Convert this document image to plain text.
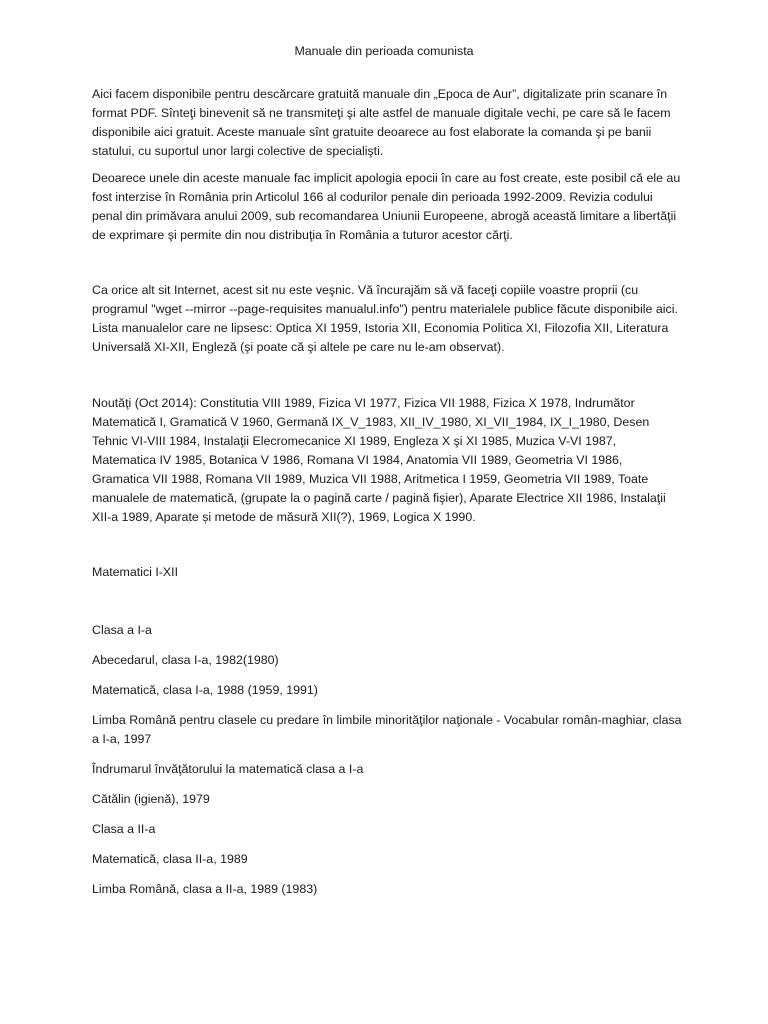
Manuale din perioada comunista

Aici facem disponibile pentru descărcare gratuită manuale din „Epoca de Aur”, digitalizate prin scanare în format PDF. Sînteţi binevenit să ne transmiteţi şi alte astfel de manuale digitale vechi, pe care să le facem disponibile aici gratuit. Aceste manuale sînt gratuite deoarece au fost elaborate la comanda şi pe banii statului, cu suportul unor largi colective de specialişti.

Deoarece unele din aceste manuale fac implicit apologia epocii în care au fost create, este posibil că ele au fost interzise în România prin Articolul 166 al codurilor penale din perioada 1992-2009. Revizia codului penal din primăvara anului 2009, sub recomandarea Uniunii Europeene, abrogă această limitare a libertăţii de exprimare şi permite din nou distribuţia în România a tuturor acestor cărţi.

Ca orice alt sit Internet, acest sit nu este veşnic. Vă încurajăm să vă faceţi copiile voastre proprii (cu programul "wget --mirror --page-requisites manualul.info") pentru materialele publice făcute disponibile aici. Lista manualelor care ne lipsesc: Optica XI 1959, Istoria XII, Economia Politica XI, Filozofia XII, Literatura Universală XI-XII, Engleză (şi poate că şi altele pe care nu le-am observat).

Noutăţi (Oct 2014): Constitutia VIII 1989, Fizica VI 1977, Fizica VII 1988, Fizica X 1978, Indrumător Matematică I, Gramatică V 1960, Germană IX_V_1983, XII_IV_1980, XI_VII_1984, IX_I_1980, Desen Tehnic VI-VIII 1984, Instalaţii Elecromecanice XI 1989, Engleza X şi XI 1985, Muzica V-VI 1987, Matematica IV 1985, Botanica V 1986, Romana VI 1984, Anatomia VII 1989, Geometria VI 1986, Gramatica VII 1988, Romana VII 1989, Muzica VII 1988, Aritmetica I 1959, Geometria VII 1989, Toate manualele de matematică, (grupate la o pagină carte / pagină fişier), Aparate Electrice XII 1986, Instalaţii XII-a 1989, Aparate și metode de măsură XII(?), 1969, Logica X 1990.

Matematici I-XII

Clasa a I-a
Abecedarul, clasa I-a, 1982(1980)
Matematică, clasa I-a, 1988 (1959, 1991)
Limba Română pentru clasele cu predare în limbile minorităţilor naţionale - Vocabular român-maghiar, clasa a I-a, 1997
Îndrumarul învăţătorului la matematică clasa a I-a
Cătălin (igienă), 1979
Clasa a II-a
Matematică, clasa II-a, 1989
Limba Română, clasa a II-a, 1989 (1983)
